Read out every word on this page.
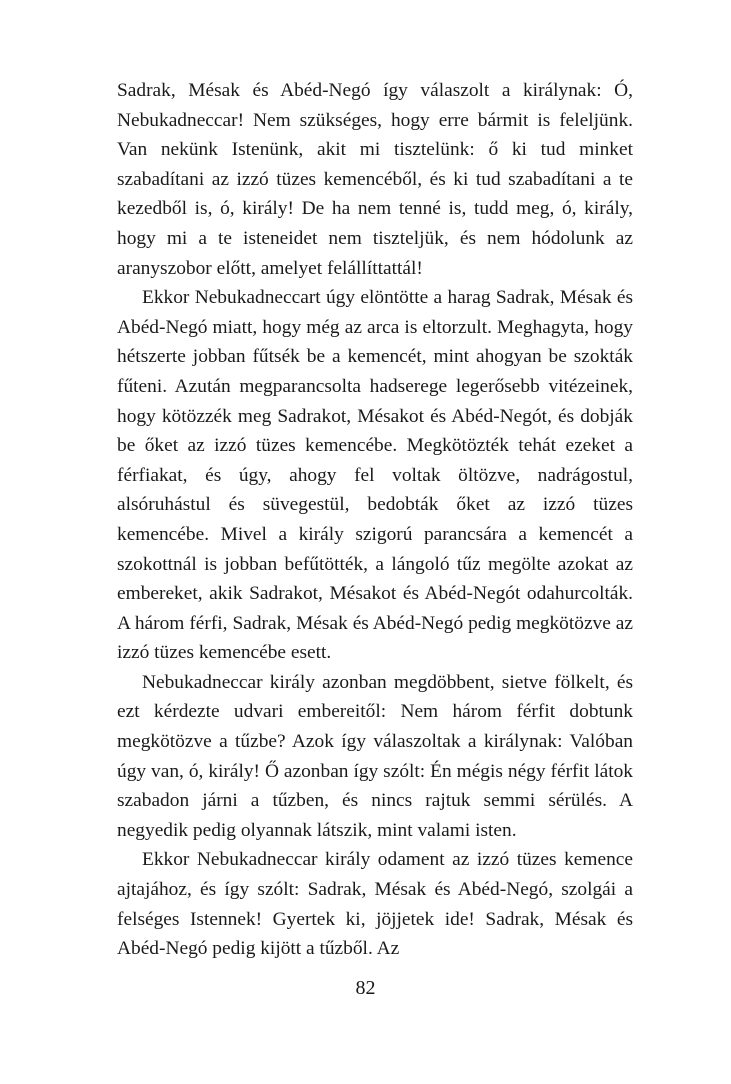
Sadrak, Mésak és Abéd-Negó így válaszolt a királynak: Ó, Nebukadneccar! Nem szükséges, hogy erre bármit is feleljünk. Van nekünk Istenünk, akit mi tisztelünk: ő ki tud minket szabadítani az izzó tüzes kemencéből, és ki tud szabadítani a te kezedből is, ó, király! De ha nem tenné is, tudd meg, ó, király, hogy mi a te isteneidet nem tiszteljük, és nem hódolunk az aranyszobor előtt, amelyet felállíttattál!

Ekkor Nebukadneccart úgy elöntötte a harag Sadrak, Mésak és Abéd-Negó miatt, hogy még az arca is eltorzult. Meghagyta, hogy hétszerte jobban fűtsék be a kemencét, mint ahogyan be szokták fűteni. Azután megparancsolta hadserege legerősebb vitézeinek, hogy kötözzék meg Sadrakot, Mésakot és Abéd-Negót, és dobják be őket az izzó tüzes kemencébe. Megkötözték tehát ezeket a férfiakat, és úgy, ahogy fel voltak öltözve, nadrágostul, alsóruhástul és süvegestül, bedobták őket az izzó tüzes kemencébe. Mivel a király szigorú parancsára a kemencét a szokottnál is jobban befűtötték, a lángoló tűz megölte azokat az embereket, akik Sadrakot, Mésakot és Abéd-Negót odahurcolták. A három férfi, Sadrak, Mésak és Abéd-Negó pedig megkötözve az izzó tüzes kemencébe esett.

Nebukadneccar király azonban megdöbbent, sietve fölkelt, és ezt kérdezte udvari embereitől: Nem három férfit dobtunk megkötözve a tűzbe? Azok így válaszoltak a királynak: Valóban úgy van, ó, király! Ő azonban így szólt: Én mégis négy férfit látok szabadon járni a tűzben, és nincs rajtuk semmi sérülés. A negyedik pedig olyannak látszik, mint valami isten.

Ekkor Nebukadneccar király odament az izzó tüzes kemence ajtajához, és így szólt: Sadrak, Mésak és Abéd-Negó, szolgái a felséges Istennek! Gyertek ki, jöjjetek ide! Sadrak, Mésak és Abéd-Negó pedig kijött a tűzből. Az

82
